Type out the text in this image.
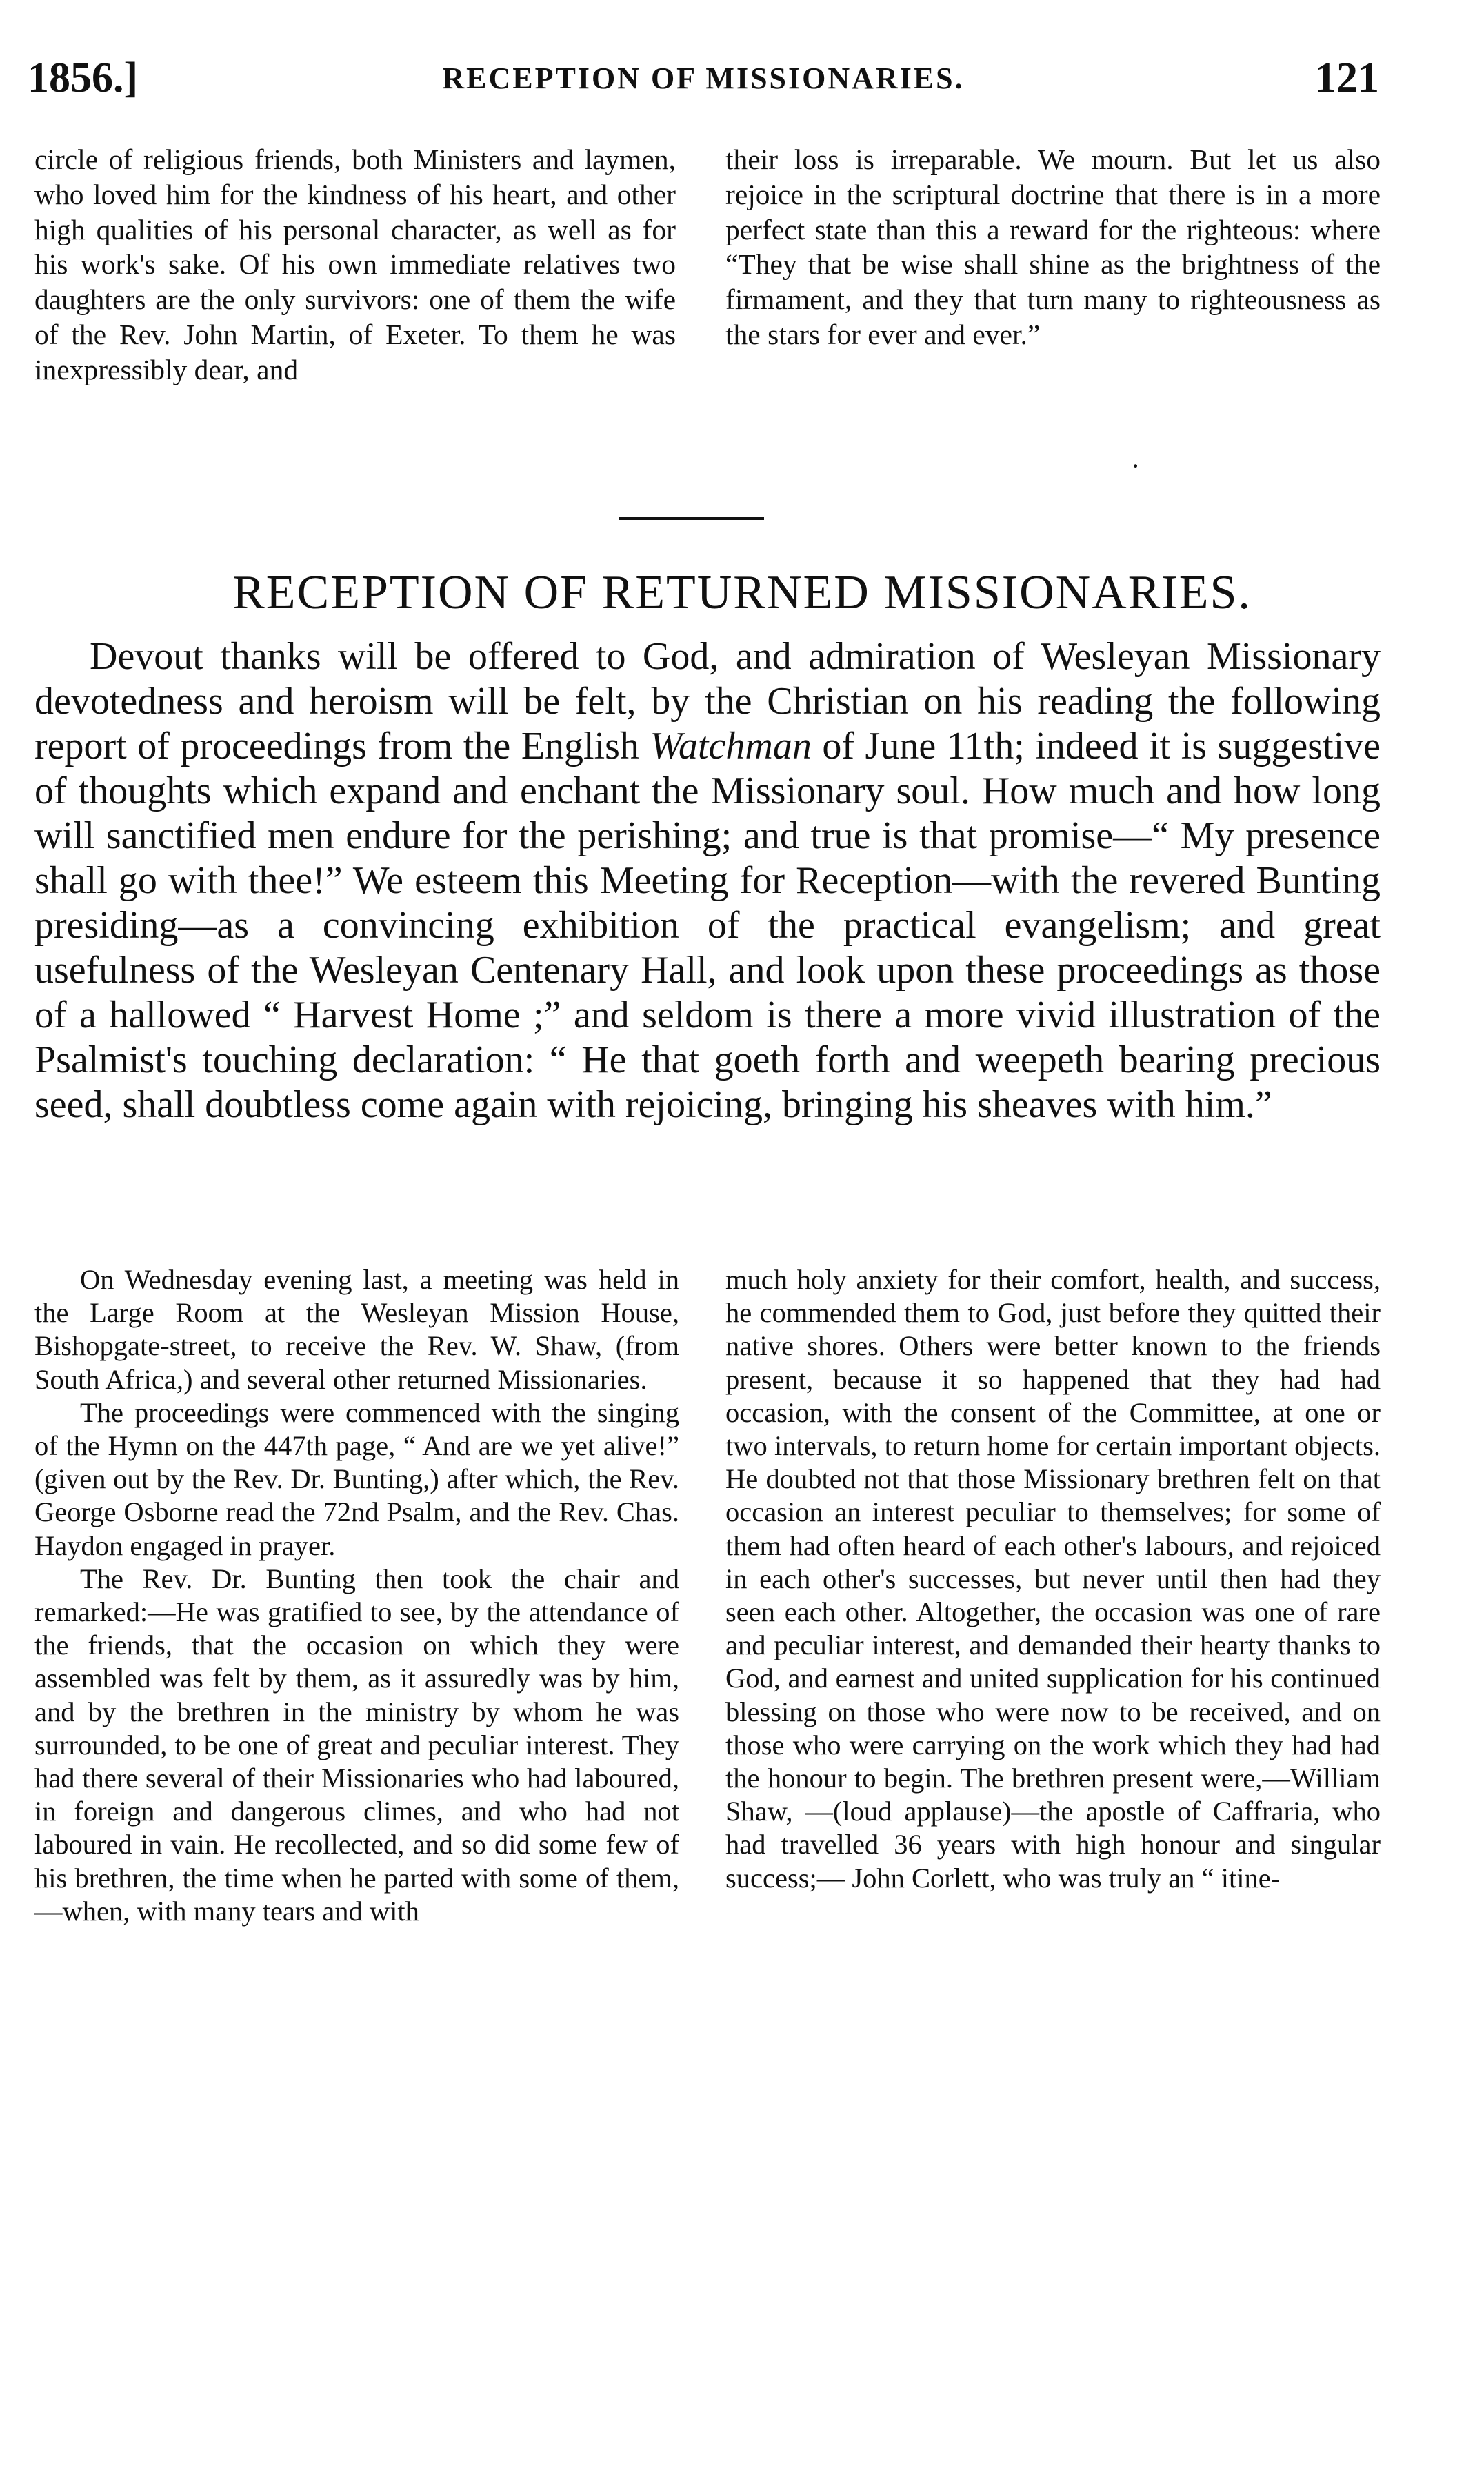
1856.]	RECEPTION OF MISSIONARIES.	121

circle of religious friends, both Ministers and laymen, who loved him for the kindness of his heart, and other high qualities of his personal character, as well as for his work's sake. Of his own immediate relatives two daughters are the only survivors: one of them the wife of the Rev. John Martin, of Exeter. To them he was inexpressibly dear, and

their loss is irreparable. We mourn. But let us also rejoice in the scriptural doctrine that there is in a more perfect state than this a reward for the righteous: where “They that be wise shall shine as the brightness of the firmament, and they that turn many to righteousness as the stars for ever and ever.”

·
RECEPTION OF RETURNED MISSIONARIES.

Devout thanks will be offered to God, and admiration of Wesleyan Missionary devotedness and heroism will be felt, by the Christian on his reading the following report of proceedings from the English Watchman of June 11th; indeed it is suggestive of thoughts which expand and enchant the Missionary soul. How much and how long will sanctified men endure for the perishing; and true is that promise—“ My presence shall go with thee!” We esteem this Meeting for Reception—with the revered Bunting presiding—as a convincing exhibition of the practical evangelism; and great usefulness of the Wesleyan Centenary Hall, and look upon these proceedings as those of a hallowed “ Harvest Home ;” and seldom is there a more vivid illustration of the Psalmist's touching declaration: “ He that goeth forth and weepeth bearing precious seed, shall doubtless come again with rejoicing, bringing his sheaves with him.”

On Wednesday evening last, a meeting was held in the Large Room at the Wesleyan Mission House, Bishopgate-street, to receive the Rev. W. Shaw, (from South Africa,) and several other returned Missionaries.

The proceedings were commenced with the singing of the Hymn on the 447th page, “ And are we yet alive!” (given out by the Rev. Dr. Bunting,) after which, the Rev. George Osborne read the 72nd Psalm, and the Rev. Chas. Haydon engaged in prayer.

The Rev. Dr. Bunting then took the chair and remarked:—He was gratified to see, by the attendance of the friends, that the occasion on which they were assembled was felt by them, as it assuredly was by him, and by the brethren in the ministry by whom he was surrounded, to be one of great and peculiar interest. They had there several of their Missionaries who had laboured, in foreign and dangerous climes, and who had not laboured in vain. He recollected, and so did some few of his brethren, the time when he parted with some of them,—when, with many tears and with

much holy anxiety for their comfort, health, and success, he commended them to God, just before they quitted their native shores. Others were better known to the friends present, because it so happened that they had had occasion, with the consent of the Committee, at one or two intervals, to return home for certain important objects. He doubted not that those Missionary brethren felt on that occasion an interest peculiar to themselves; for some of them had often heard of each other's labours, and rejoiced in each other's successes, but never until then had they seen each other. Altogether, the occasion was one of rare and peculiar interest, and demanded their hearty thanks to God, and earnest and united supplication for his continued blessing on those who were now to be received, and on those who were carrying on the work which they had had the honour to begin. The brethren present were,—William Shaw, —(loud applause)—the apostle of Caffraria, who had travelled 36 years with high honour and singular success;— John Corlett, who was truly an “ itine-
